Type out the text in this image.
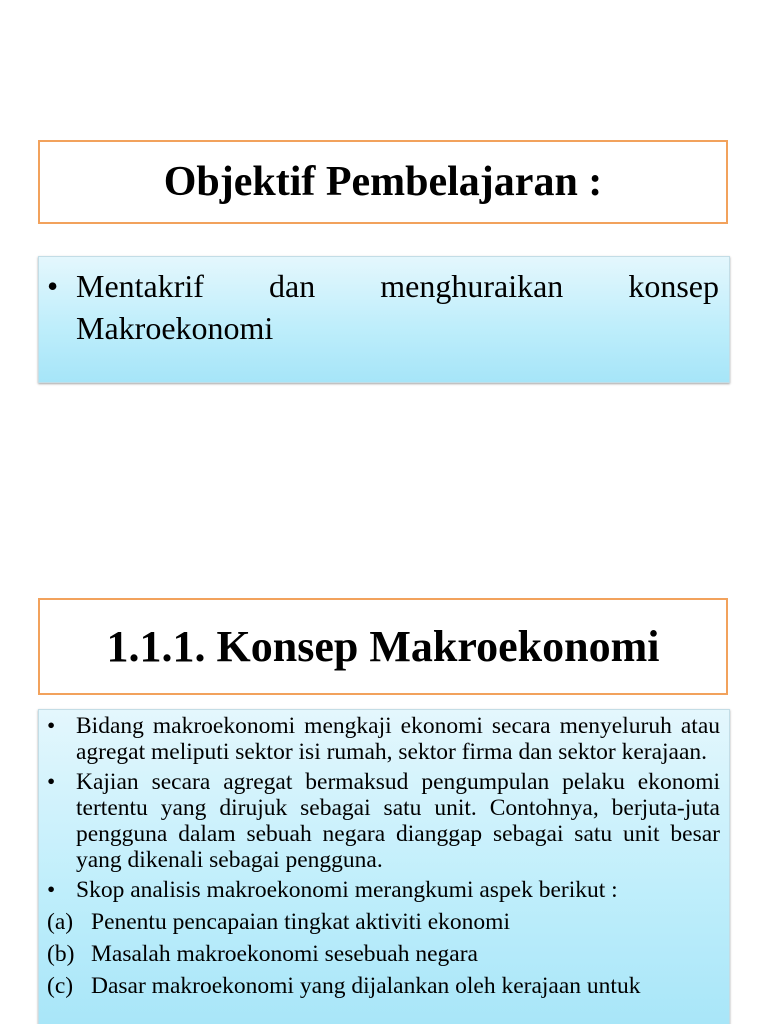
Objektif Pembelajaran :
• Mentakrif dan menghuraikan konsep Makroekonomi
1.1.1. Konsep Makroekonomi
• Bidang makroekonomi mengkaji ekonomi secara menyeluruh atau agregat meliputi sektor isi rumah, sektor firma dan sektor kerajaan.
• Kajian secara agregat bermaksud pengumpulan pelaku ekonomi tertentu yang dirujuk sebagai satu unit. Contohnya, berjuta-juta pengguna dalam sebuah negara dianggap sebagai satu unit besar yang dikenali sebagai pengguna.
• Skop analisis makroekonomi merangkumi aspek berikut :
(a) Penentu pencapaian tingkat aktiviti ekonomi
(b) Masalah makroekonomi sesebuah negara
(c) Dasar makroekonomi yang dijalankan oleh kerajaan untuk
